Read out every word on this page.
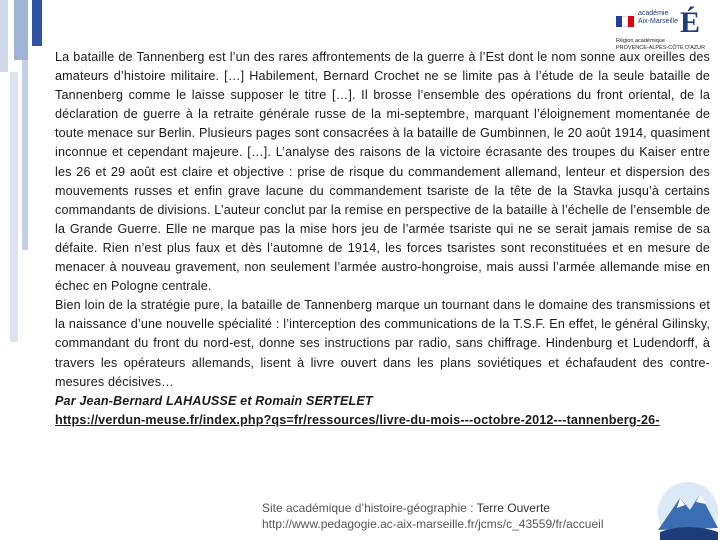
académie
Aix-Marseille É
Région académique
PROVENCE-ALPES-CÔTE D'AZUR

La bataille de Tannenberg est l’un des rares affrontements de la guerre à l’Est dont le nom sonne aux oreilles des amateurs d’histoire militaire. […] Habilement, Bernard Crochet ne se limite pas à l’étude de la seule bataille de Tannenberg comme le laisse supposer le titre […]. Il brosse l’ensemble des opérations du front oriental, de la déclaration de guerre à la retraite générale russe de la mi-septembre, marquant l’éloignement momentanée de toute menace sur Berlin. Plusieurs pages sont consacrées à la bataille de Gumbinnen, le 20 août 1914, quasiment inconnue et cependant majeure. […]. L’analyse des raisons de la victoire écrasante des troupes du Kaiser entre les 26 et 29 août est claire et objective : prise de risque du commandement allemand, lenteur et dispersion des mouvements russes et enfin grave lacune du commandement tsariste de la tête de la Stavka jusqu’à certains commandants de divisions. L’auteur conclut par la remise en perspective de la bataille à l’échelle de l’ensemble de la Grande Guerre. Elle ne marque pas la mise hors jeu de l’armée tsariste qui ne se serait jamais remise de sa défaite. Rien n’est plus faux et dès l’automne de 1914, les forces tsaristes sont reconstituées et en mesure de menacer à nouveau gravement, non seulement l’armée austro-hongroise, mais aussi l’armée allemande mise en échec en Pologne centrale.

Bien loin de la stratégie pure, la bataille de Tannenberg marque un tournant dans le domaine des transmissions et la naissance d’une nouvelle spécialité : l’interception des communications de la T.S.F. En effet, le général Gilinsky, commandant du front du nord-est, donne ses instructions par radio, sans chiffrage. Hindenburg et Ludendorff, à travers les opérateurs allemands, lisent à livre ouvert dans les plans soviétiques et échafaudent des contre-mesures décisives…

Par Jean-Bernard LAHAUSSE et Romain SERTELET

https://verdun-meuse.fr/index.php?qs=fr/ressources/livre-du-mois---octobre-2012---tannenberg-26-
Site académique d’histoire-géographie : Terre Ouverte
http://www.pedagogie.ac-aix-marseille.fr/jcms/c_43559/fr/accueil
